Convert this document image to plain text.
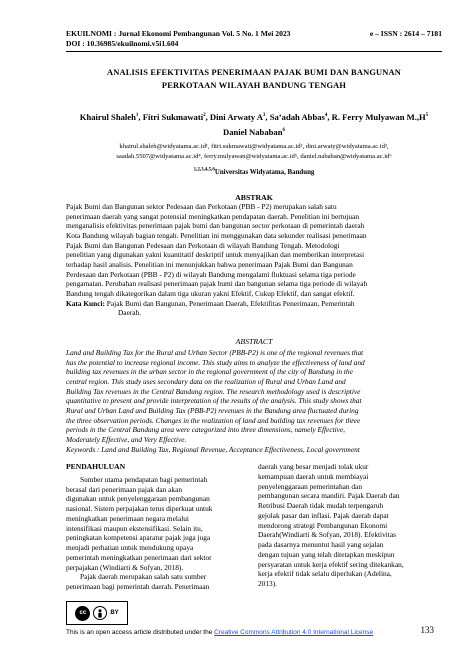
EKUILNOMI : Jurnal Ekonomi Pembangunan Vol. 5 No. 1 Mei 2023	e – ISSN : 2614 – 7181
DOI : 10.36985/ekuilnomi.v5i1.604
ANALISIS EFEKTIVITAS PENERIMAAN PAJAK BUMI DAN BANGUNAN
PERKOTAAN WILAYAH BANDUNG TENGAH
Khairul Shaleh$^1$, Fitri Sukmawati$^2$, Dini Arwaty $A^3$, Sa’adah Abbas$^4$, R. Ferry Mulyawan $M.,H^5$
Daniel Nababan$^6$
khairul.shaleh@widyatama.ac.id¹, fitri.sukmawati@widyatama.ac.id², dini.arwaty@widyatama.ac.id³,
saadah.5507@widyatama.ac.id⁴, ferry.mulyawan@widyatama.ac.id⁵, daniel.nababan@widyatama.ac.id⁶
$^{1,2,3,4,5,6}$Universitas Widyatama, Bandung
ABSTRAK
Pajak Bumi dan Bangunan sektor Pedesaan dan Perkotaan (PBB - P2) merupakan salah satu
penerimaan daerah yang sangat potensial meningkatkan pendapatan daerah. Penelitian ini bertujuan
menganalisis efektivitas penerimaan pajak bumi dan bangunan sector perkotaan di pemerintah daerah
Kota Bandung wilayah bagian tengah. Penelitian ini menggunakan data sekunder realisasi penerimaan
Pajak Bumi dan Bangunan Pedesaan dan Perkotaan di wilayah Bandung Tengah. Metodologi
penelitian yang digunakan yakni kuantitatif deskriptif untuk menyajikan dan memberikan interpretasi
terhadap hasil analisis. Penelitian ini menunjukkan bahwa penerimaan Pajak Bumi dan Bangunan
Perdesaan dan Perkotaan (PBB - P2) di wilayah Bandung mengalami fluktuasi selama tiga periode
pengamatan. Perubahan realisasi penerimaan pajak bumi dan bangunan selama tiga periode di wilayah
Bandung tengah dikategorikan dalam tiga ukuran yakni Efektif, Cukup Efektif, dan sangat efektif.
Kata Kunci: Pajak Bumi dan Bangunan, Penerimaan Daerah, Efektifitas Penerimaan, Pemerintah
Daerah.
ABSTRACT
Land and Building Tax for the Rural and Urban Sector (PBB-P2) is one of the regional revenues that
has the potential to increase regional income. This study aims to analyze the effectiveness of land and
building tax revenues in the urban sector in the regional government of the city of Bandung in the
central region. This study uses secondary data on the realization of Rural and Urban Land and
Building Tax revenues in the Central Bandung region. The research methodology used is descriptive
quantitative to present and provide interpretation of the results of the analysis. This study shows that
Rural and Urban Land and Building Tax (PBB-P2) revenues in the Bandung area fluctuated during
the three observation periods. Changes in the realization of land and building tax revenues for three
periods in the Central Bandung area were categorized into three dimensions, namely Effective,
Moderately Effective, and Very Effective.
Keywords : Land and Building Tax, Regional Revenue, Acceptance Effectiveness, Local government
PENDAHULUAN

Sumber utama pendapatan bagi pemerintah

berasal dari penerimaan pajak dan akan

digunakan untuk penyelenggaraan pembangunan

nasional. Sistem perpajakan terus diperkuat untuk

meningkatkan penerimaan negara melalui

intensifikasi maupun ekstensifikasi. Selain itu,

peningkatan kompetensi aparatur pajak juga juga

menjadi perhatian untuk mendukung upaya

pemerintah meningkatkan penerimaan dari sektor

perpajakan (Windiarti & Sofyan, 2018).

Pajak daerah merupakan salah satu sumber

penerimaan bagi pemerintah daerah. Penerimaan

daerah yang besar menjadi tolak ukur

kemampuan daerah untuk membiayai

penyelenggaraan pemerintahan dan

pembangunan secara mandiri. Pajak Daerah dan

Retribusi Daerah tidak mudah terpengaruh

gejolak pasar dan inflasi. Pajak daerah dapat

mendorong strategi Pembangunan Ekonomi

Daerah(Windiarti & Sofyan, 2018). Efektivitas

pada dasarnya menuntut hasil yang sejalan

dengan tujuan yang telah ditetapkan meskipun

persyaratan untuk kerja efektif sering ditekankan,

kerja efektif tidak selalu diperlukan (Adelina,

2013).

cc	BY
This is an open access article distributed under the Creative Commons Attribution 4.0 International License	133
